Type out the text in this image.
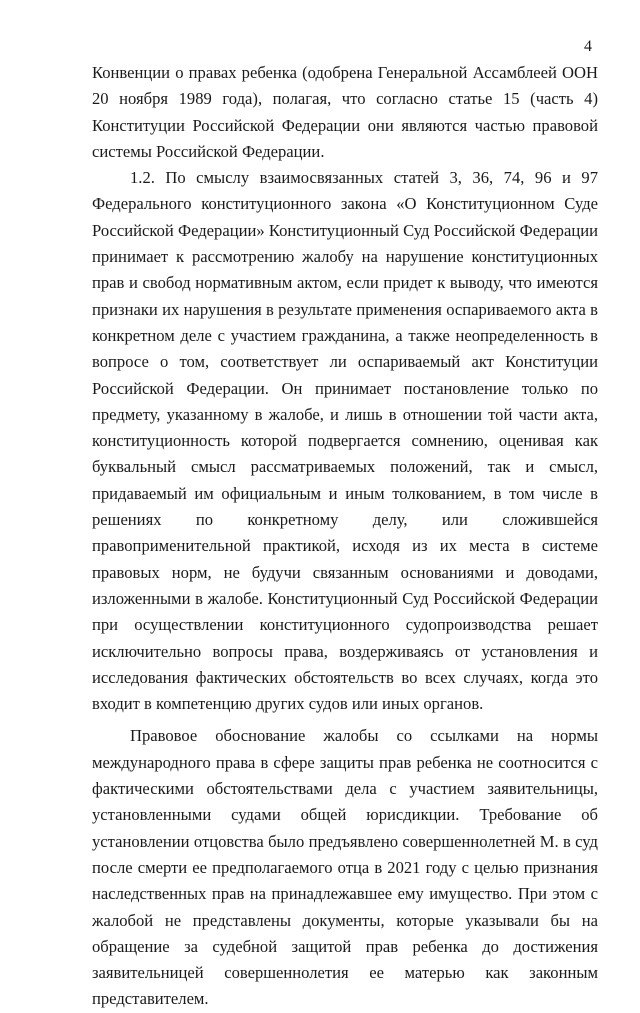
4

Конвенции о правах ребенка (одобрена Генеральной Ассамблеей ООН 20 ноября 1989 года), полагая, что согласно статье 15 (часть 4) Конституции Российской Федерации они являются частью правовой системы Российской Федерации.

1.2. По смыслу взаимосвязанных статей 3, 36, 74, 96 и 97 Федерального конституционного закона «О Конституционном Суде Российской Федерации» Конституционный Суд Российской Федерации принимает к рассмотрению жалобу на нарушение конституционных прав и свобод нормативным актом, если придет к выводу, что имеются признаки их нарушения в результате применения оспариваемого акта в конкретном деле с участием гражданина, а также неопределенность в вопросе о том, соответствует ли оспариваемый акт Конституции Российской Федерации. Он принимает постановление только по предмету, указанному в жалобе, и лишь в отношении той части акта, конституционность которой подвергается сомнению, оценивая как буквальный смысл рассматриваемых положений, так и смысл, придаваемый им официальным и иным толкованием, в том числе в решениях по конкретному делу, или сложившейся правоприменительной практикой, исходя из их места в системе правовых норм, не будучи связанным основаниями и доводами, изложенными в жалобе. Конституционный Суд Российской Федерации при осуществлении конституционного судопроизводства решает исключительно вопросы права, воздерживаясь от установления и исследования фактических обстоятельств во всех случаях, когда это входит в компетенцию других судов или иных органов.

Правовое обоснование жалобы со ссылками на нормы международного права в сфере защиты прав ребенка не соотносится с фактическими обстоятельствами дела с участием заявительницы, установленными судами общей юрисдикции. Требование об установлении отцовства было предъявлено совершеннолетней М. в суд после смерти ее предполагаемого отца в 2021 году с целью признания наследственных прав на принадлежавшее ему имущество. При этом с жалобой не представлены документы, которые указывали бы на обращение за судебной защитой прав ребенка до достижения заявительницей совершеннолетия ее матерью как законным представителем.
